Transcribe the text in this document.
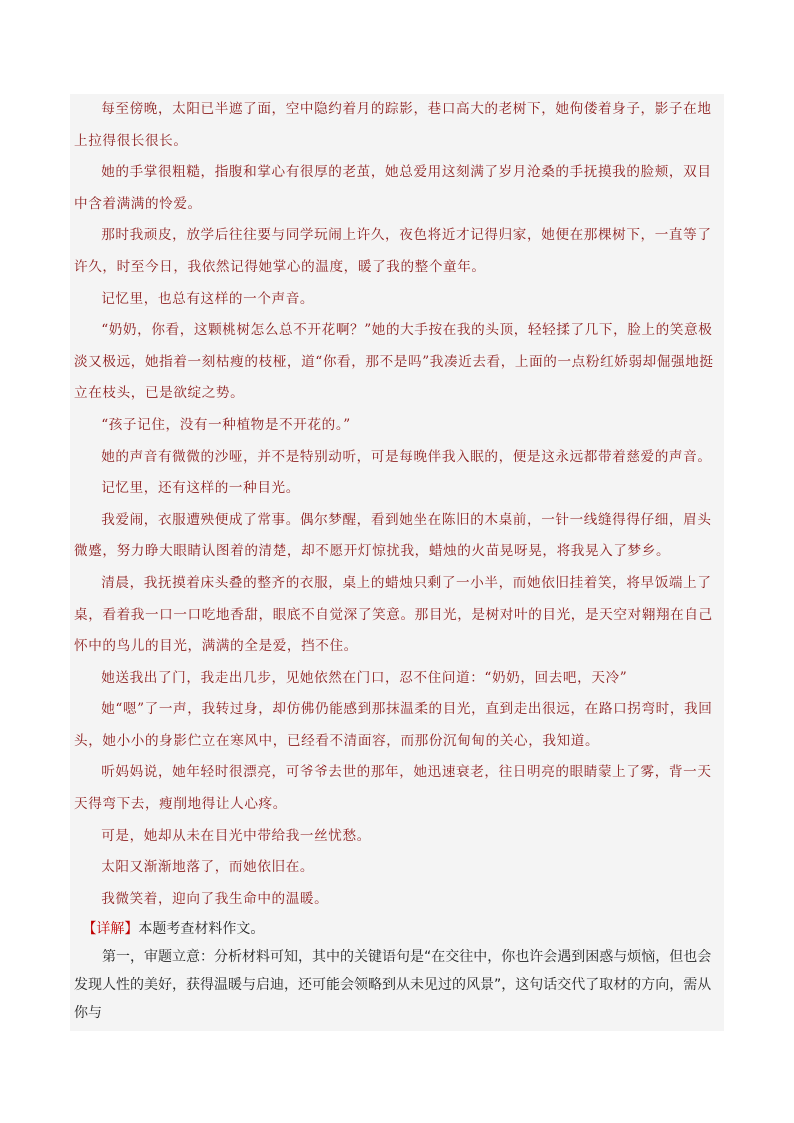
每至傍晚，太阳已半遮了面，空中隐约着月的踪影，巷口高大的老树下，她佝偻着身子，影子在地上拉得很长很长。

她的手掌很粗糙，指腹和掌心有很厚的老茧，她总爱用这刻满了岁月沧桑的手抚摸我的脸颊，双目中含着满满的怜爱。

那时我顽皮，放学后往往要与同学玩闹上许久，夜色将近才记得归家，她便在那棵树下，一直等了许久，时至今日，我依然记得她掌心的温度，暖了我的整个童年。

记忆里，也总有这样的一个声音。

“奶奶，你看，这颗桃树怎么总不开花啊？”她的大手按在我的头顶，轻轻揉了几下，脸上的笑意极淡又极远，她指着一刻枯瘦的枝桠，道“你看，那不是吗”我凑近去看，上面的一点粉红娇弱却倔强地挺立在枝头，已是欲绽之势。

“孩子记住，没有一种植物是不开花的。”

她的声音有微微的沙哑，并不是特别动听，可是每晚伴我入眠的，便是这永远都带着慈爱的声音。

记忆里，还有这样的一种目光。

我爱闹，衣服遭殃便成了常事。偶尔梦醒，看到她坐在陈旧的木桌前，一针一线缝得得仔细，眉头微蹙，努力睁大眼睛认图着的清楚，却不愿开灯惊扰我，蜡烛的火苗晃呀晃，将我晃入了梦乡。

清晨，我抚摸着床头叠的整齐的衣服，桌上的蜡烛只剩了一小半，而她依旧挂着笑，将早饭端上了桌，看着我一口一口吃地香甜，眼底不自觉深了笑意。那目光，是树对叶的目光，是天空对翱翔在自己怀中的鸟儿的目光，满满的全是爱，挡不住。

她送我出了门，我走出几步，见她依然在门口，忍不住问道：“奶奶，回去吧，天冷”

她“嗯”了一声，我转过身，却仿佛仍能感到那抹温柔的目光，直到走出很远，在路口拐弯时，我回头，她小小的身影伫立在寒风中，已经看不清面容，而那份沉甸甸的关心，我知道。

听妈妈说，她年轻时很漂亮，可爷爷去世的那年，她迅速衰老，往日明亮的眼睛蒙上了雾，背一天天得弯下去，瘦削地得让人心疼。

可是，她却从未在目光中带给我一丝忧愁。

太阳又渐渐地落了，而她依旧在。

我微笑着，迎向了我生命中的温暖。

【详解】本题考查材料作文。

第一，审题立意：分析材料可知，其中的关键语句是“在交往中，你也许会遇到困惑与烦恼，但也会发现人性的美好，获得温暖与启迪，还可能会领略到从未见过的风景”，这句话交代了取材的方向，需从你与
